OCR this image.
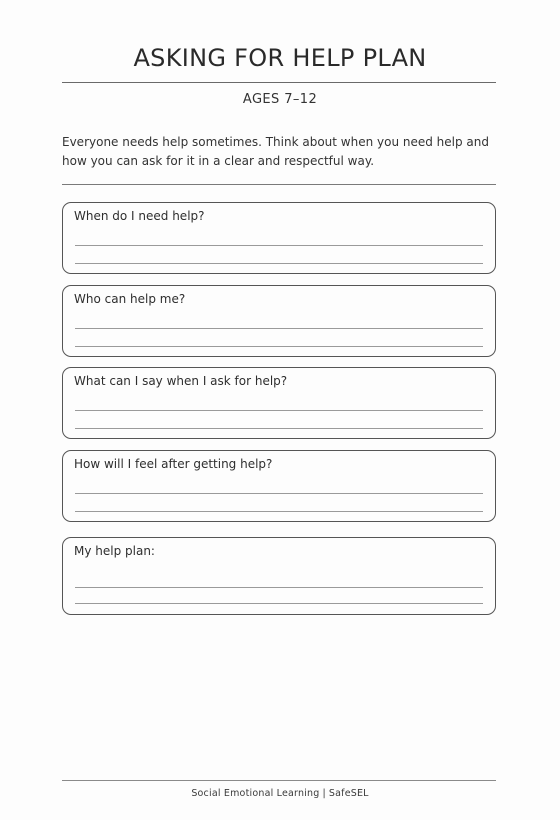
ASKING FOR HELP PLAN
AGES 7–12

Everyone needs help sometimes. Think about when you need help and

how you can ask for it in a clear and respectful way.

When do I need help?
Who can help me?
What can I say when I ask for help?
How will I feel after getting help?
My help plan:
Social Emotional Learning | SafeSEL
